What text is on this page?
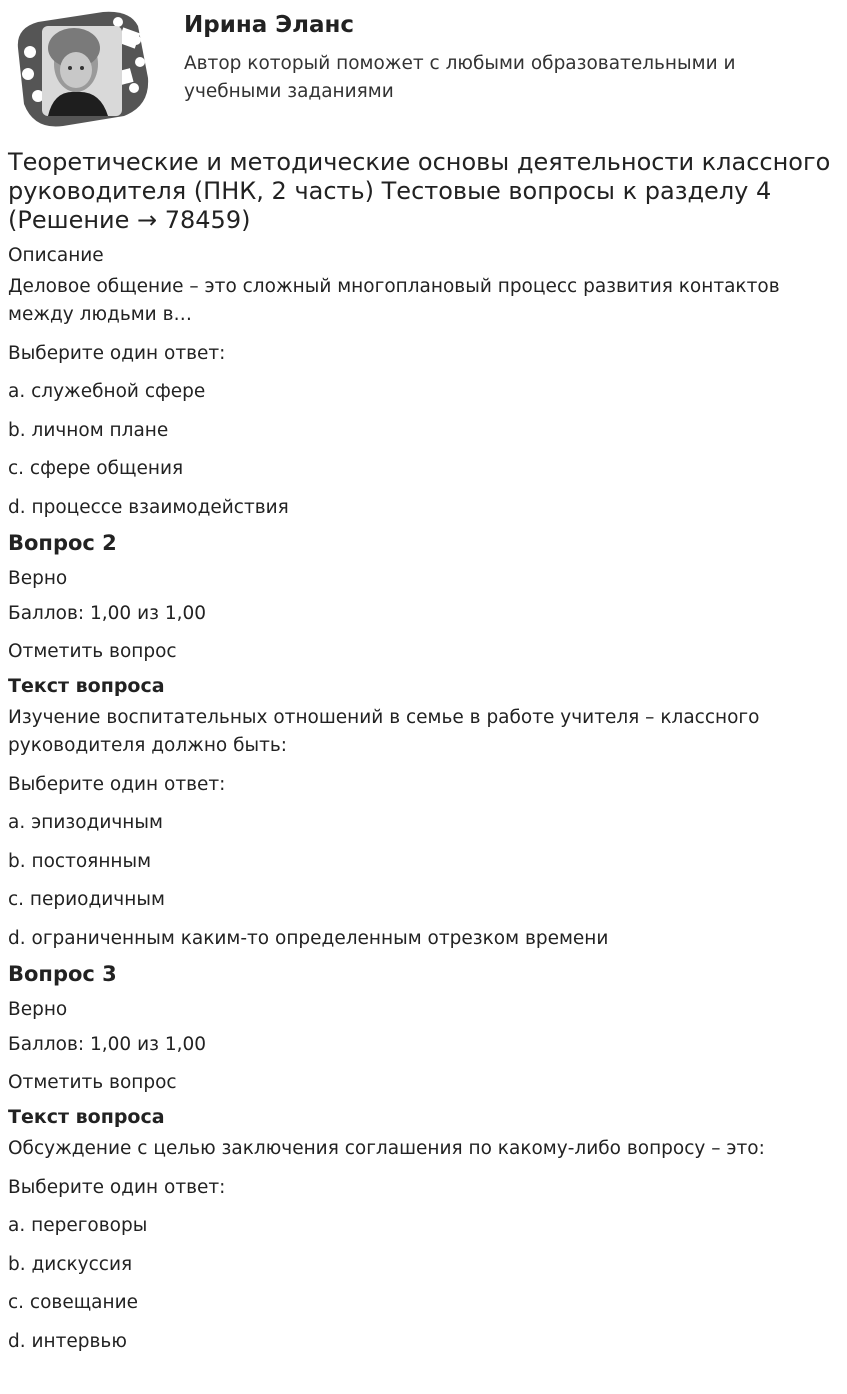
Ирина Эланс
Автор который поможет с любыми образовательными и учебными заданиями
Теоретические и методические основы деятельности классного руководителя (ПНК, 2 часть) Тестовые вопросы к разделу 4 (Решение → 78459)
Описание
Деловое общение – это сложный многоплановый процесс развития контактов между людьми в…
Выберите один ответ:
a. служебной сфере
b. личном плане
c. сфере общения
d. процессе взаимодействия
Вопрос 2
Верно
Баллов: 1,00 из 1,00
Отметить вопрос
Текст вопроса
Изучение воспитательных отношений в семье в работе учителя – классного руководителя должно быть:
Выберите один ответ:
a. эпизодичным
b. постоянным
c. периодичным
d. ограниченным каким-то определенным отрезком времени
Вопрос 3
Верно
Баллов: 1,00 из 1,00
Отметить вопрос
Текст вопроса
Обсуждение с целью заключения соглашения по какому-либо вопросу – это:
Выберите один ответ:
a. переговоры
b. дискуссия
c. совещание
d. интервью
